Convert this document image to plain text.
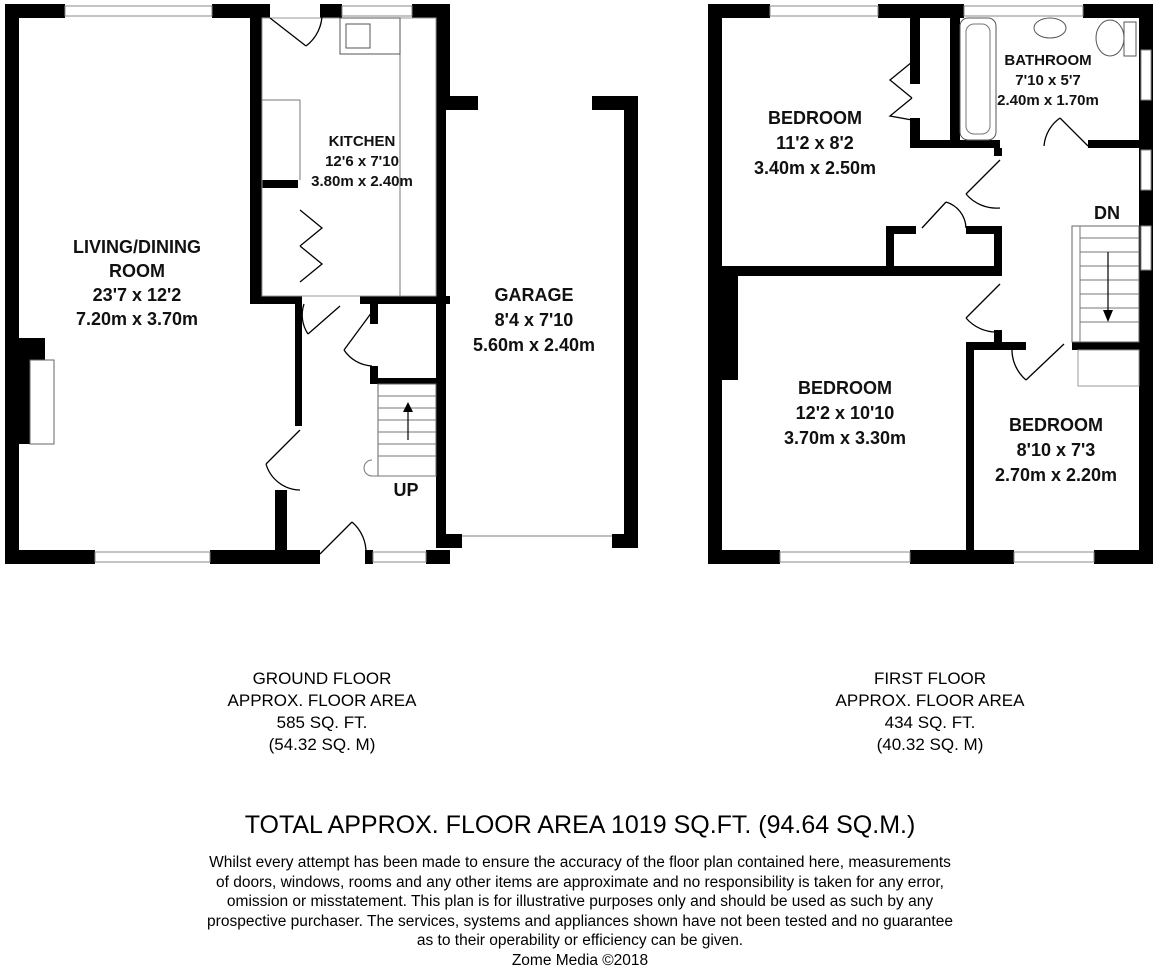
LIVING/DINING
ROOM
23'7 x 12'2
7.20m x 3.70m
KITCHEN
12'6 x 7'10
3.80m x 2.40m
GARAGE
8'4 x 7'10
5.60m x 2.40m
UP
BEDROOM
11'2 x 8'2
3.40m x 2.50m
BATHROOM
7'10 x 5'7
2.40m x 1.70m
BEDROOM
12'2 x 10'10
3.70m x 3.30m
BEDROOM
8'10 x 7'3
2.70m x 2.20m
DN
GROUND FLOOR
APPROX. FLOOR AREA
585 SQ. FT.
(54.32 SQ. M)
FIRST FLOOR
APPROX. FLOOR AREA
434 SQ. FT.
(40.32 SQ. M)
TOTAL APPROX. FLOOR AREA 1019 SQ.FT. (94.64 SQ.M.)
Whilst every attempt has been made to ensure the accuracy of the floor plan contained here, measurements
of doors, windows, rooms and any other items are approximate and no responsibility is taken for any error,
omission or misstatement. This plan is for illustrative purposes only and should be used as such by any
prospective purchaser. The services, systems and appliances shown have not been tested and no guarantee
as to their operability or efficiency can be given.
Zome Media ©2018
